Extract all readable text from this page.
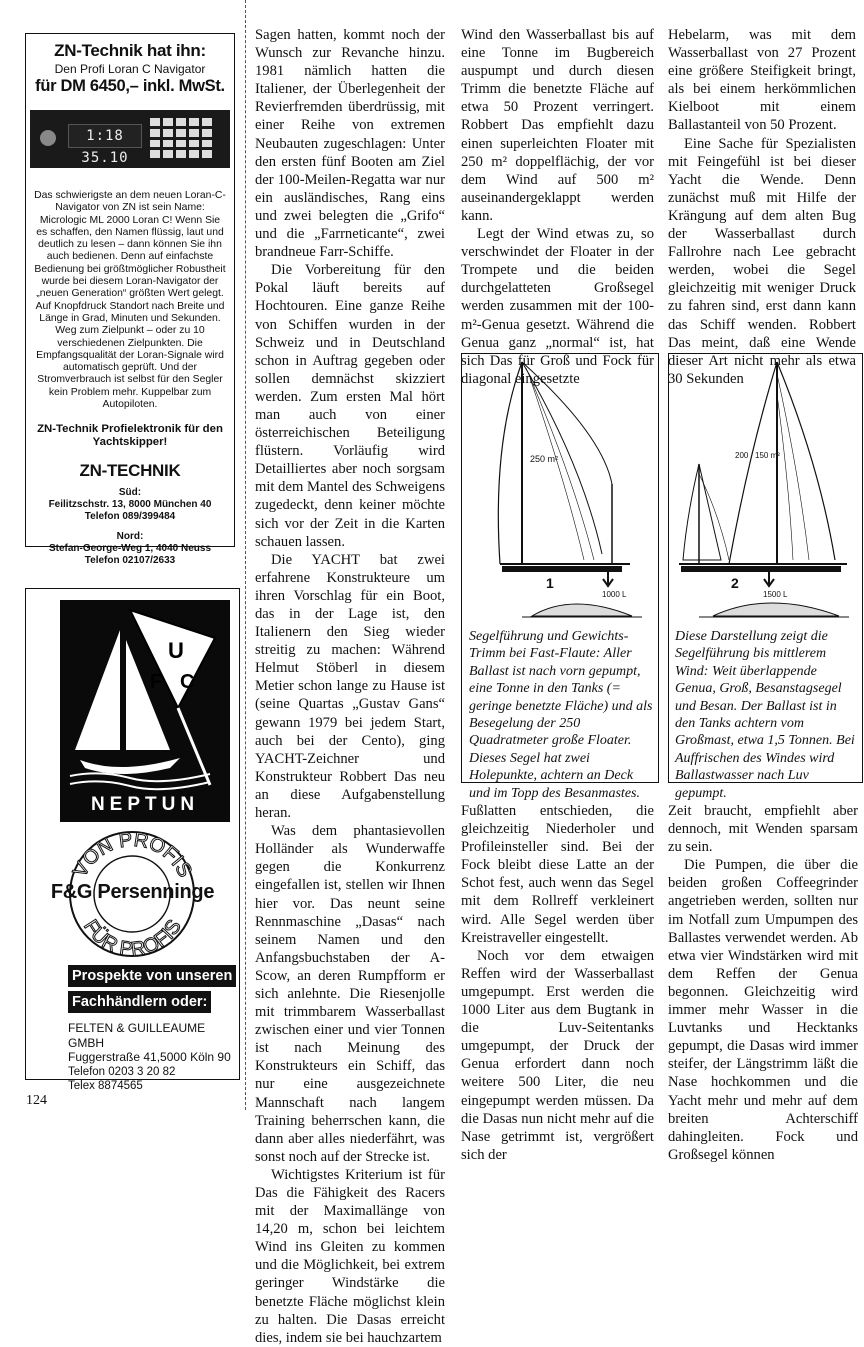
ZN-Technik hat ihn:
Den Profi Loran C Navigator
für DM 6450,– inkl. MwSt.
1:18 35.10
Das schwierigste an dem neuen Loran-C-Navigator von ZN ist sein Name: Micrologic ML 2000 Loran C! Wenn Sie es schaffen, den Namen flüssig, laut und deutlich zu lesen – dann können Sie ihn auch bedienen. Denn auf einfachste Bedienung bei größtmöglicher Robustheit wurde bei diesem Loran-Navigator der „neuen Generation“ größten Wert gelegt. Auf Knopfdruck Standort nach Breite und Länge in Grad, Minuten und Sekunden. Weg zum Zielpunkt – oder zu 10 verschiedenen Zielpunkten. Die Empfangsqualität der Loran-Signale wird automatisch geprüft. Und der Stromverbrauch ist selbst für den Segler kein Problem mehr. Kuppelbar zum Autopiloten.
ZN-Technik Profielektronik für den Yachtskipper!
ZN-TECHNIK
Süd:
Feilitzschstr. 13, 8000 München 40
Telefon 089/399484
Nord:
Stefan-George-Weg 1, 4040 Neuss
Telefon 02107/2633
U
F C
NEPTUN
VON PROFIS
FÜR PROFIS
F&G Persenninge
Prospekte von unseren
Fachhändlern oder:
FELTEN & GUILLEAUME GMBH
Fuggerstraße 41,5000 Köln 90
Telefon 0203 3 20 82
Telex 8874565

Sagen hatten, kommt noch der Wunsch zur Revanche hinzu. 1981 nämlich hatten die Italiener, der Überlegenheit der Revierfremden überdrüssig, mit einer Reihe von extremen Neubauten zugeschlagen: Unter den ersten fünf Booten am Ziel der 100-Meilen-Regatta war nur ein ausländisches, Rang eins und zwei belegten die „Grifo“ und die „Farrneticante“, zwei brandneue Farr-Schiffe.

Die Vorbereitung für den Pokal läuft bereits auf Hochtouren. Eine ganze Reihe von Schiffen wurden in der Schweiz und in Deutschland schon in Auftrag gegeben oder sollen demnächst skizziert werden. Zum ersten Mal hört man auch von einer österreichischen Beteiligung flüstern. Vorläufig wird Detailliertes aber noch sorgsam mit dem Mantel des Schweigens zugedeckt, denn keiner möchte sich vor der Zeit in die Karten schauen lassen.

Die YACHT bat zwei erfahrene Konstrukteure um ihren Vorschlag für ein Boot, das in der Lage ist, den Italienern den Sieg wieder streitig zu machen: Während Helmut Stöberl in diesem Metier schon lange zu Hause ist (seine Quartas „Gustav Gans“ gewann 1979 bei jedem Start, auch bei der Cento), ging YACHT-Zeichner und Konstrukteur Robbert Das neu an diese Aufgabenstellung heran.

Was dem phantasievollen Holländer als Wunderwaffe gegen die Konkurrenz eingefallen ist, stellen wir Ihnen hier vor. Das neunt seine Rennmaschine „Dasas“ nach seinem Namen und den Anfangsbuchstaben der A-Scow, an deren Rumpfform er sich anlehnte. Die Riesenjolle mit trimmbarem Wasserballast zwischen einer und vier Tonnen ist nach Meinung des Konstrukteurs ein Schiff, das nur eine ausgezeichnete Mannschaft nach langem Training beherrschen kann, die dann aber alles niederfährt, was sonst noch auf der Strecke ist.

Wichtigstes Kriterium ist für Das die Fähigkeit des Racers mit der Maximallänge von 14,20 m, schon bei leichtem Wind ins Gleiten zu kommen und die Möglichkeit, bei extrem geringer Windstärke die benetzte Fläche möglichst klein zu halten. Die Dasas erreicht dies, indem sie bei hauchzartem

Wind den Wasserballast bis auf eine Tonne im Bugbereich auspumpt und durch diesen Trimm die benetzte Fläche auf etwa 50 Prozent verringert. Robbert Das empfiehlt dazu einen superleichten Floater mit 250 m² doppelflächig, der vor dem Wind auf 500 m² auseinandergeklappt werden kann.

Legt der Wind etwas zu, so verschwindet der Floater in der Trompete und die beiden durchgelatteten Großsegel werden zusammen mit der 100-m²-Genua gesetzt. Während die Genua ganz „normal“ ist, hat sich Das für Groß und Fock für diagonal eingesetzte

Hebelarm, was mit dem Wasserballast von 27 Prozent eine größere Steifigkeit bringt, als bei einem herkömmlichen Kielboot mit einem Ballastanteil von 50 Prozent.

Eine Sache für Spezialisten mit Feingefühl ist bei dieser Yacht die Wende. Denn zunächst muß mit Hilfe der Krängung auf dem alten Bug der Wasserballast durch Fallrohre nach Lee gebracht werden, wobei die Segel gleichzeitig mit weniger Druck zu fahren sind, erst dann kann das Schiff wenden. Robbert Das meint, daß eine Wende dieser Art nicht mehr als etwa 30 Sekunden

250 m²
1
1000 L
Segelführung und Gewichts-Trimm bei Fast-Flaute: Aller Ballast ist nach vorn gepumpt, eine Tonne in den Tanks (= geringe benetzte Fläche) und als Besegelung der 250 Quadratmeter große Floater. Dieses Segel hat zwei Holepunkte, achtern an Deck und im Topp des Besanmastes.
200 / 150 m²
2
1500 L
Diese Darstellung zeigt die Segelführung bis mittlerem Wind: Weit überlappende Genua, Groß, Besanstagsegel und Besan. Der Ballast ist in den Tanks achtern vom Großmast, etwa 1,5 Tonnen. Bei Auffrischen des Windes wird Ballastwasser nach Luv gepumpt.

Fußlatten entschieden, die gleichzeitig Niederholer und Profileinsteller sind. Bei der Fock bleibt diese Latte an der Schot fest, auch wenn das Segel mit dem Rollreff verkleinert wird. Alle Segel werden über Kreistraveller eingestellt.

Noch vor dem etwaigen Reffen wird der Wasserballast umgepumpt. Erst werden die 1000 Liter aus dem Bugtank in die Luv-Seitentanks umgepumpt, der Druck der Genua erfordert dann noch weitere 500 Liter, die neu eingepumpt werden müssen. Da die Dasas nun nicht mehr auf die Nase getrimmt ist, vergrößert sich der

Zeit braucht, empfiehlt aber dennoch, mit Wenden sparsam zu sein.

Die Pumpen, die über die beiden großen Coffeegrinder angetrieben werden, sollten nur im Notfall zum Umpumpen des Ballastes verwendet werden. Ab etwa vier Windstärken wird mit dem Reffen der Genua begonnen. Gleichzeitig wird immer mehr Wasser in die Luvtanks und Hecktanks gepumpt, die Dasas wird immer steifer, der Längstrimm läßt die Nase hochkommen und die Yacht mehr und mehr auf dem breiten Achterschiff dahingleiten. Fock und Großsegel können

124
